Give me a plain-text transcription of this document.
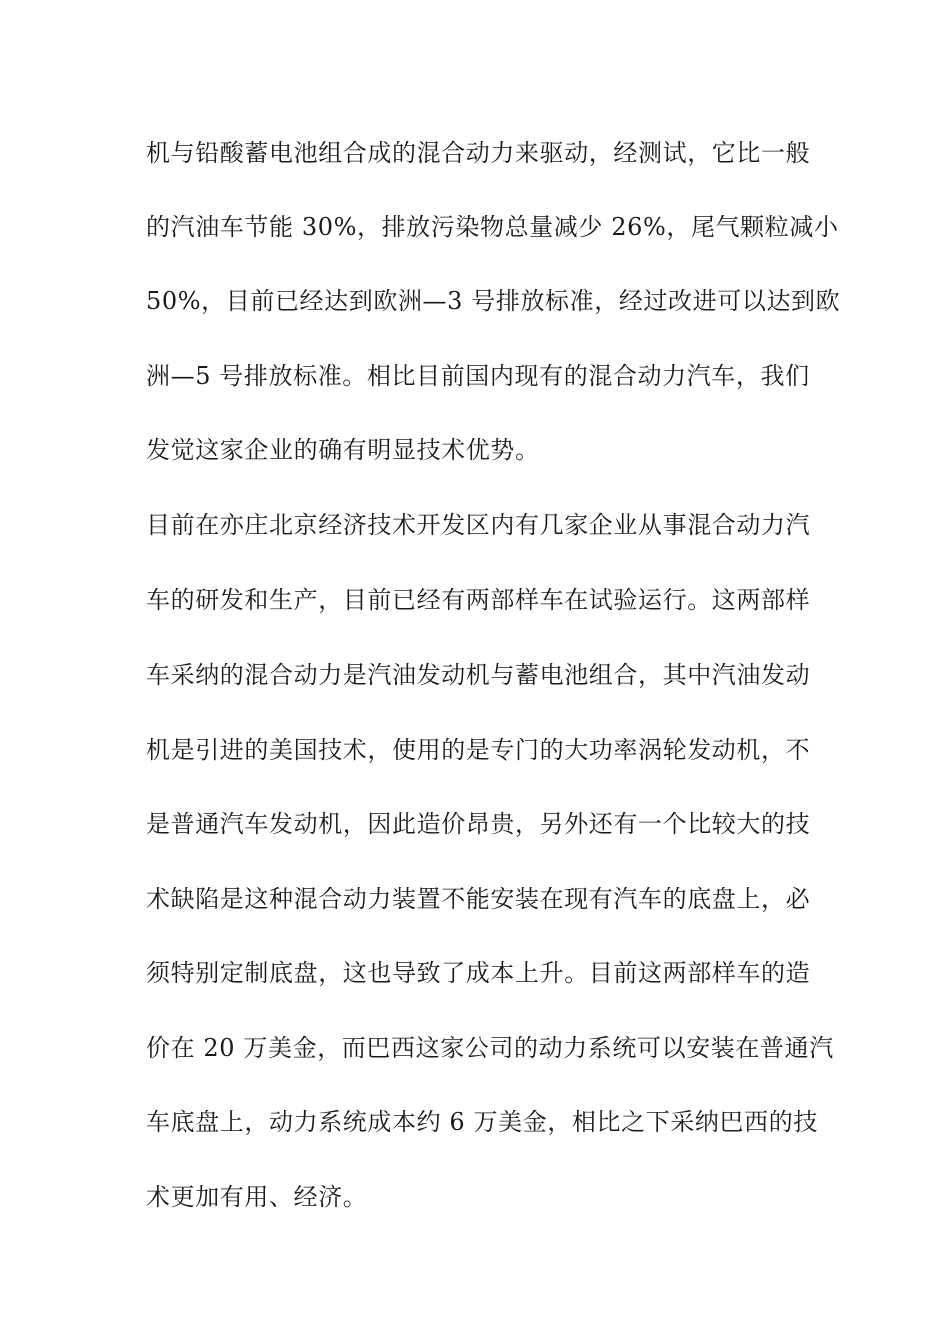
机与铅酸蓄电池组合成的混合动力来驱动，经测试，它比一般
的汽油车节能 30%，排放污染物总量减少 26%，尾气颗粒减小
50%，目前已经达到欧洲—3 号排放标准，经过改进可以达到欧
洲—5 号排放标准。相比目前国内现有的混合动力汽车，我们
发觉这家企业的确有明显技术优势。
目前在亦庄北京经济技术开发区内有几家企业从事混合动力汽
车的研发和生产，目前已经有两部样车在试验运行。这两部样
车采纳的混合动力是汽油发动机与蓄电池组合，其中汽油发动
机是引进的美国技术，使用的是专门的大功率涡轮发动机，不
是普通汽车发动机，因此造价昂贵，另外还有一个比较大的技
术缺陷是这种混合动力装置不能安装在现有汽车的底盘上，必
须特别定制底盘，这也导致了成本上升。目前这两部样车的造
价在 20 万美金，而巴西这家公司的动力系统可以安装在普通汽
车底盘上，动力系统成本约 6 万美金，相比之下采纳巴西的技
术更加有用、经济。
